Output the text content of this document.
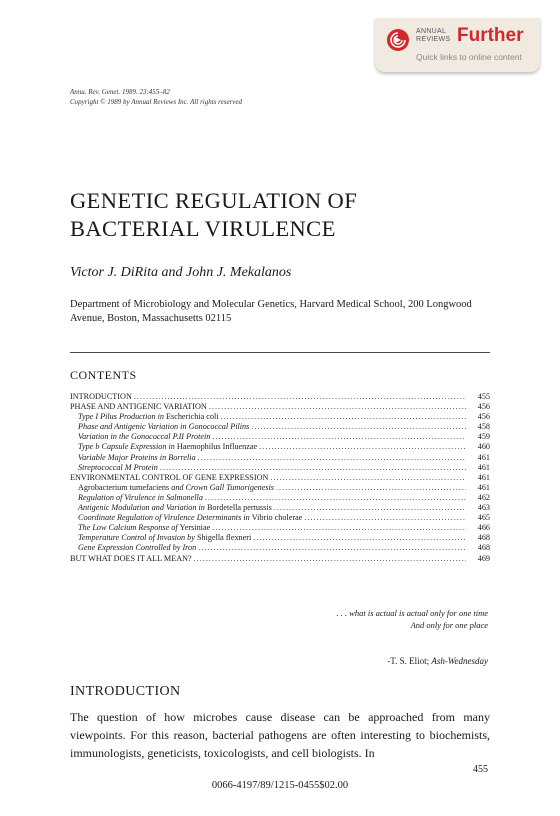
ANNUAL
REVIEWS Further
Quick links to online content
Annu. Rev. Genet. 1989. 23:455–82
Copyright © 1989 by Annual Reviews Inc. All rights reserved
GENETIC REGULATION OF
BACTERIAL VIRULENCE
Victor J. DiRita and John J. Mekalanos
Department of Microbiology and Molecular Genetics, Harvard Medical School, 200 Longwood Avenue, Boston, Massachusetts 02115
CONTENTS
INTRODUCTION .....	455
PHASE AND ANTIGENIC VARIATION .....	456
Type I Pilus Production in Escherichia coli .....	456
Phase and Antigenic Variation in Gonococcal Pilins .....	458
Variation in the Gonococcal P.II Protein .....	459
Type b Capsule Expression in Haemophilus Influenzae .....	460
Variable Major Proteins in Borrelia .....	461
Streptococcal M Protein .....	461
ENVIRONMENTAL CONTROL OF GENE EXPRESSION .....	461
Agrobacterium tumefaciens and Crown Gall Tumorigenesis .....	461
Regulation of Virulence in Salmonella .....	462
Antigenic Modulation and Variation in Bordetella pertussis .....	463
Coordinate Regulation of Virulence Determinants in Vibrio cholerae .....	465
The Low Calcium Response of Yersiniae .....	466
Temperature Control of Invasion by Shigella flexneri .....	468
Gene Expression Controlled by Iron .....	468
BUT WHAT DOES IT ALL MEAN? .....	469
. . . what is actual is actual only for one time
And only for one place
-T. S. Eliot; Ash-Wednesday
INTRODUCTION
The question of how microbes cause disease can be approached from many viewpoints. For this reason, bacterial pathogens are often interesting to biochemists, immunologists, geneticists, toxicologists, and cell biologists. In
455
0066-4197/89/1215-0455$02.00
